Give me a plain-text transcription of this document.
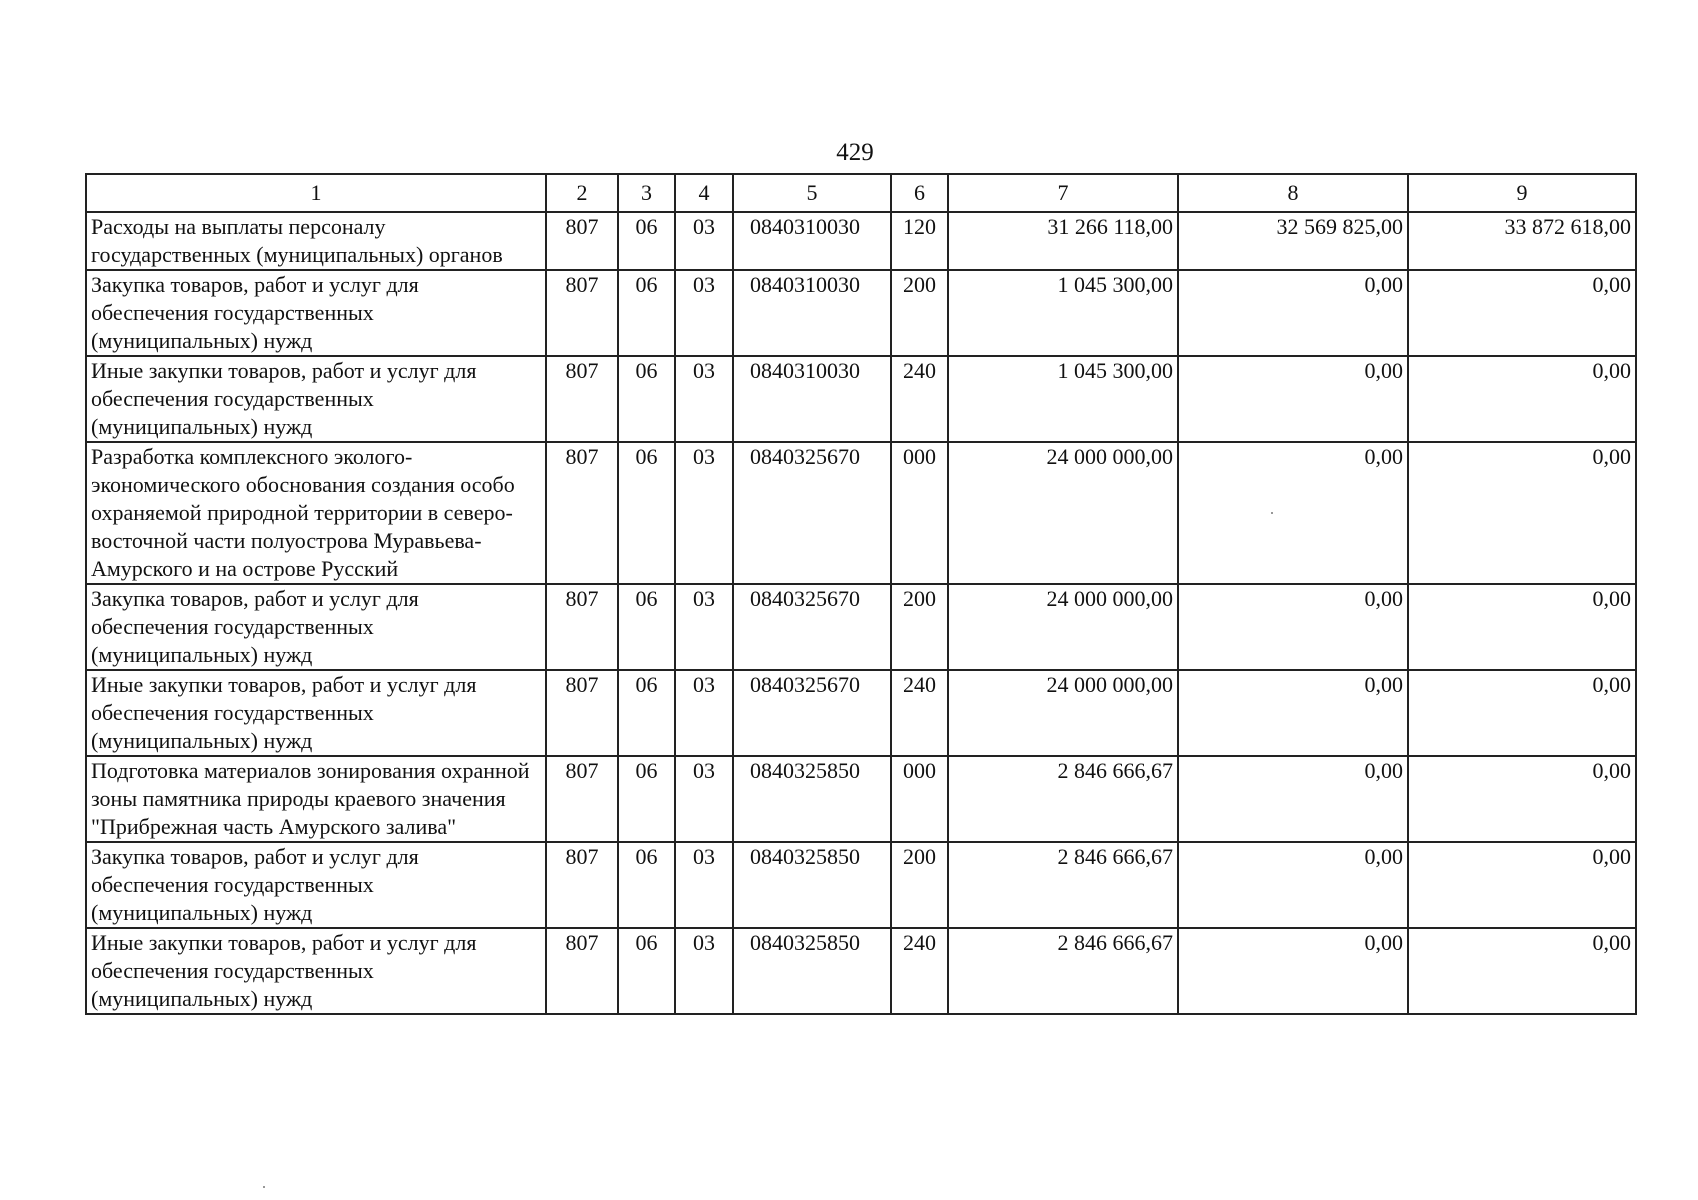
429
1	2	3	4	5	6	7	8	9
Расходы на выплаты персоналу государственных (муниципальных) органов	807	06	03	0840310030	120	31 266 118,00	32 569 825,00	33 872 618,00
Закупка товаров, работ и услуг для обеспечения государственных (муниципальных) нужд	807	06	03	0840310030	200	1 045 300,00	0,00	0,00
Иные закупки товаров, работ и услуг для обеспечения государственных (муниципальных) нужд	807	06	03	0840310030	240	1 045 300,00	0,00	0,00
Разработка комплексного эколого-экономического обоснования создания особо охраняемой природной территории в северо-восточной части полуострова Муравьева-Амурского и на острове Русский	807	06	03	0840325670	000	24 000 000,00	0,00	0,00
Закупка товаров, работ и услуг для обеспечения государственных (муниципальных) нужд	807	06	03	0840325670	200	24 000 000,00	0,00	0,00
Иные закупки товаров, работ и услуг для обеспечения государственных (муниципальных) нужд	807	06	03	0840325670	240	24 000 000,00	0,00	0,00
Подготовка материалов зонирования охранной зоны памятника природы краевого значения "Прибрежная часть Амурского залива"	807	06	03	0840325850	000	2 846 666,67	0,00	0,00
Закупка товаров, работ и услуг для обеспечения государственных (муниципальных) нужд	807	06	03	0840325850	200	2 846 666,67	0,00	0,00
Иные закупки товаров, работ и услуг для обеспечения государственных (муниципальных) нужд	807	06	03	0840325850	240	2 846 666,67	0,00	0,00
